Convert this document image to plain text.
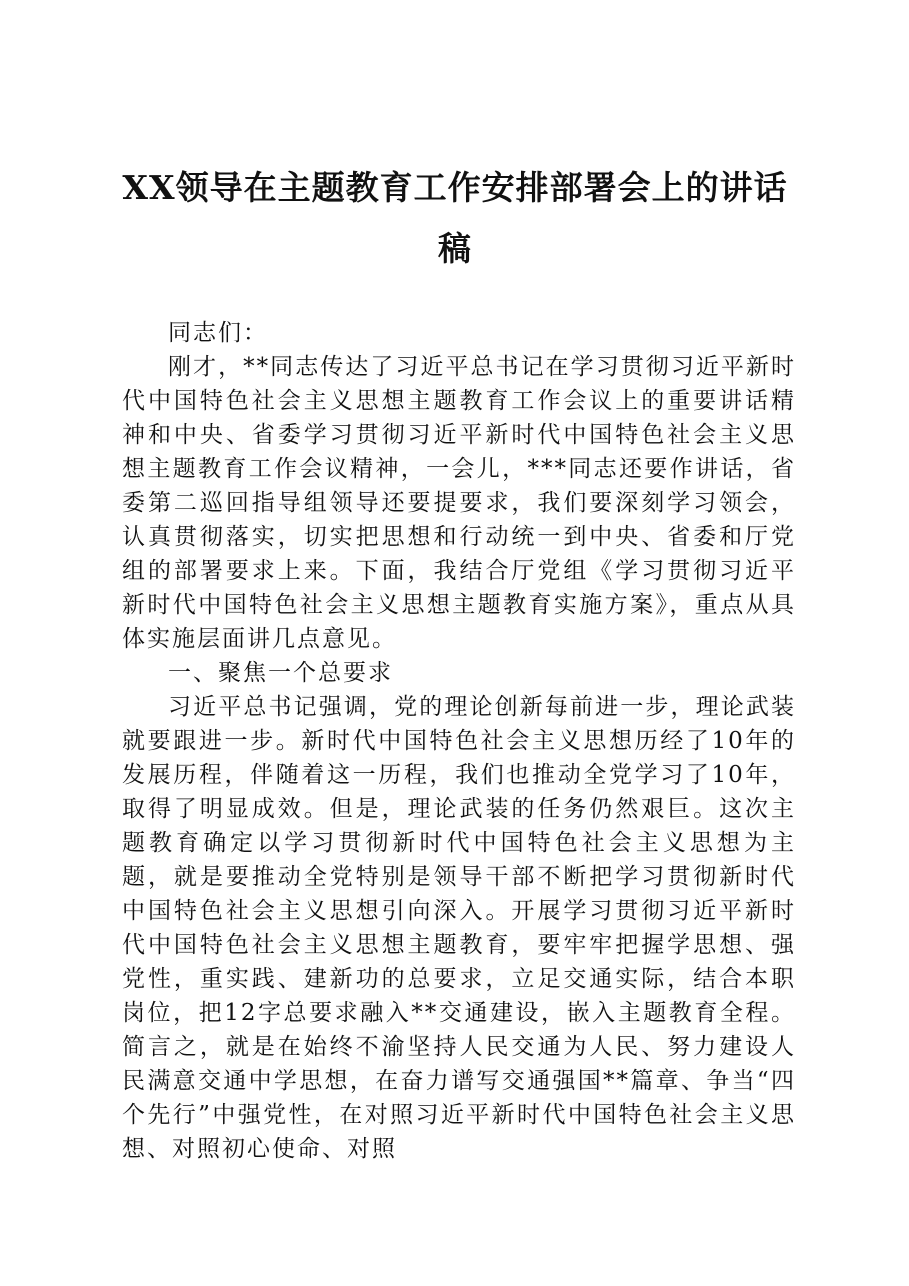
XX领导在主题教育工作安排部署会上的讲话
稿

同志们：

刚才，**同志传达了习近平总书记在学习贯彻习近平新时代中国特色社会主义思想主题教育工作会议上的重要讲话精神和中央、省委学习贯彻习近平新时代中国特色社会主义思想主题教育工作会议精神，一会儿，***同志还要作讲话，省委第二巡回指导组领导还要提要求，我们要深刻学习领会，认真贯彻落实，切实把思想和行动统一到中央、省委和厅党组的部署要求上来。下面，我结合厅党组《学习贯彻习近平新时代中国特色社会主义思想主题教育实施方案》，重点从具体实施层面讲几点意见。

一、聚焦一个总要求

习近平总书记强调，党的理论创新每前进一步，理论武装就要跟进一步。新时代中国特色社会主义思想历经了10年的发展历程，伴随着这一历程，我们也推动全党学习了10年，取得了明显成效。但是，理论武装的任务仍然艰巨。这次主题教育确定以学习贯彻新时代中国特色社会主义思想为主题，就是要推动全党特别是领导干部不断把学习贯彻新时代中国特色社会主义思想引向深入。开展学习贯彻习近平新时代中国特色社会主义思想主题教育，要牢牢把握学思想、强党性，重实践、建新功的总要求，立足交通实际，结合本职岗位，把12字总要求融入**交通建设，嵌入主题教育全程。简言之，就是在始终不渝坚持人民交通为人民、努力建设人民满意交通中学思想，在奋力谱写交通强国**篇章、争当“四个先行”中强党性，在对照习近平新时代中国特色社会主义思想、对照初心使命、对照
